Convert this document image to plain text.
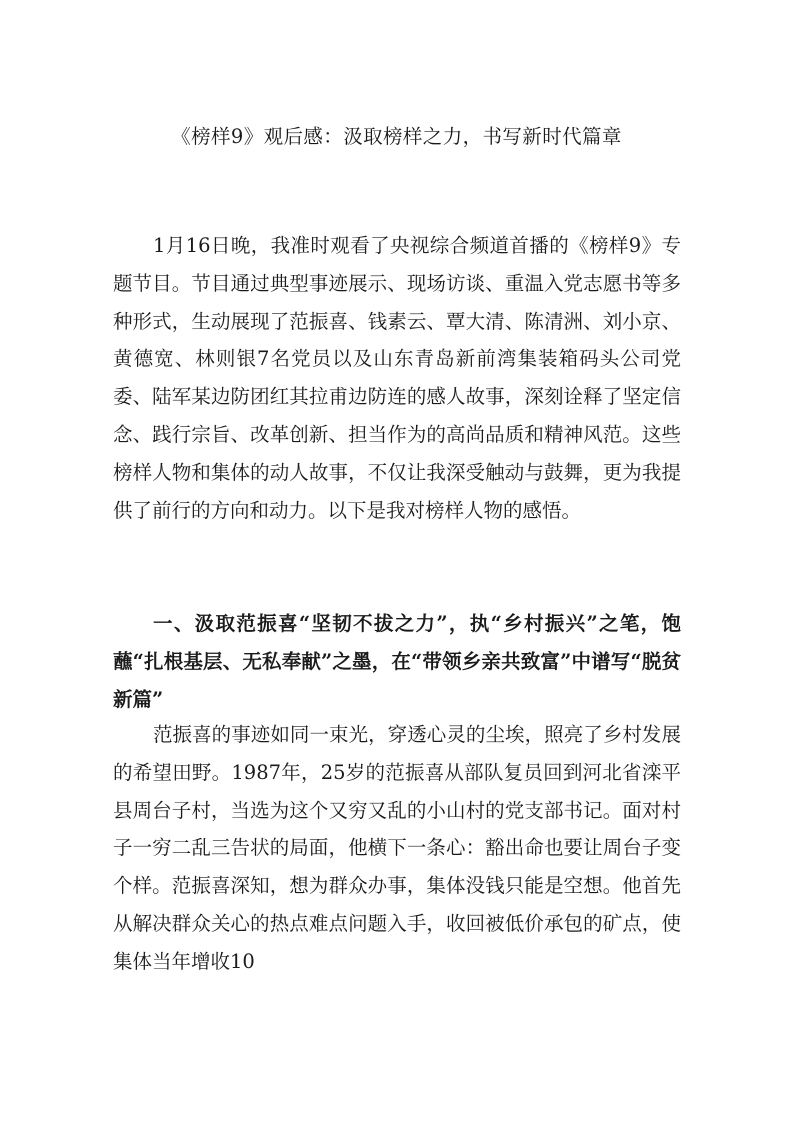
《榜样9》观后感：汲取榜样之力，书写新时代篇章

1月16日晚，我准时观看了央视综合频道首播的《榜样9》专题节目。节目通过典型事迹展示、现场访谈、重温入党志愿书等多种形式，生动展现了范振喜、钱素云、覃大清、陈清洲、刘小京、黄德宽、林则银7名党员以及山东青岛新前湾集装箱码头公司党委、陆军某边防团红其拉甫边防连的感人故事，深刻诠释了坚定信念、践行宗旨、改革创新、担当作为的高尚品质和精神风范。这些榜样人物和集体的动人故事，不仅让我深受触动与鼓舞，更为我提供了前行的方向和动力。以下是我对榜样人物的感悟。

一、汲取范振喜“坚韧不拔之力”，执“乡村振兴”之笔，饱蘸“扎根基层、无私奉献”之墨，在“带领乡亲共致富”中谱写“脱贫新篇”

范振喜的事迹如同一束光，穿透心灵的尘埃，照亮了乡村发展的希望田野。1987年，25岁的范振喜从部队复员回到河北省滦平县周台子村，当选为这个又穷又乱的小山村的党支部书记。面对村子一穷二乱三告状的局面，他横下一条心：豁出命也要让周台子变个样。范振喜深知，想为群众办事，集体没钱只能是空想。他首先从解决群众关心的热点难点问题入手，收回被低价承包的矿点，使集体当年增收10
